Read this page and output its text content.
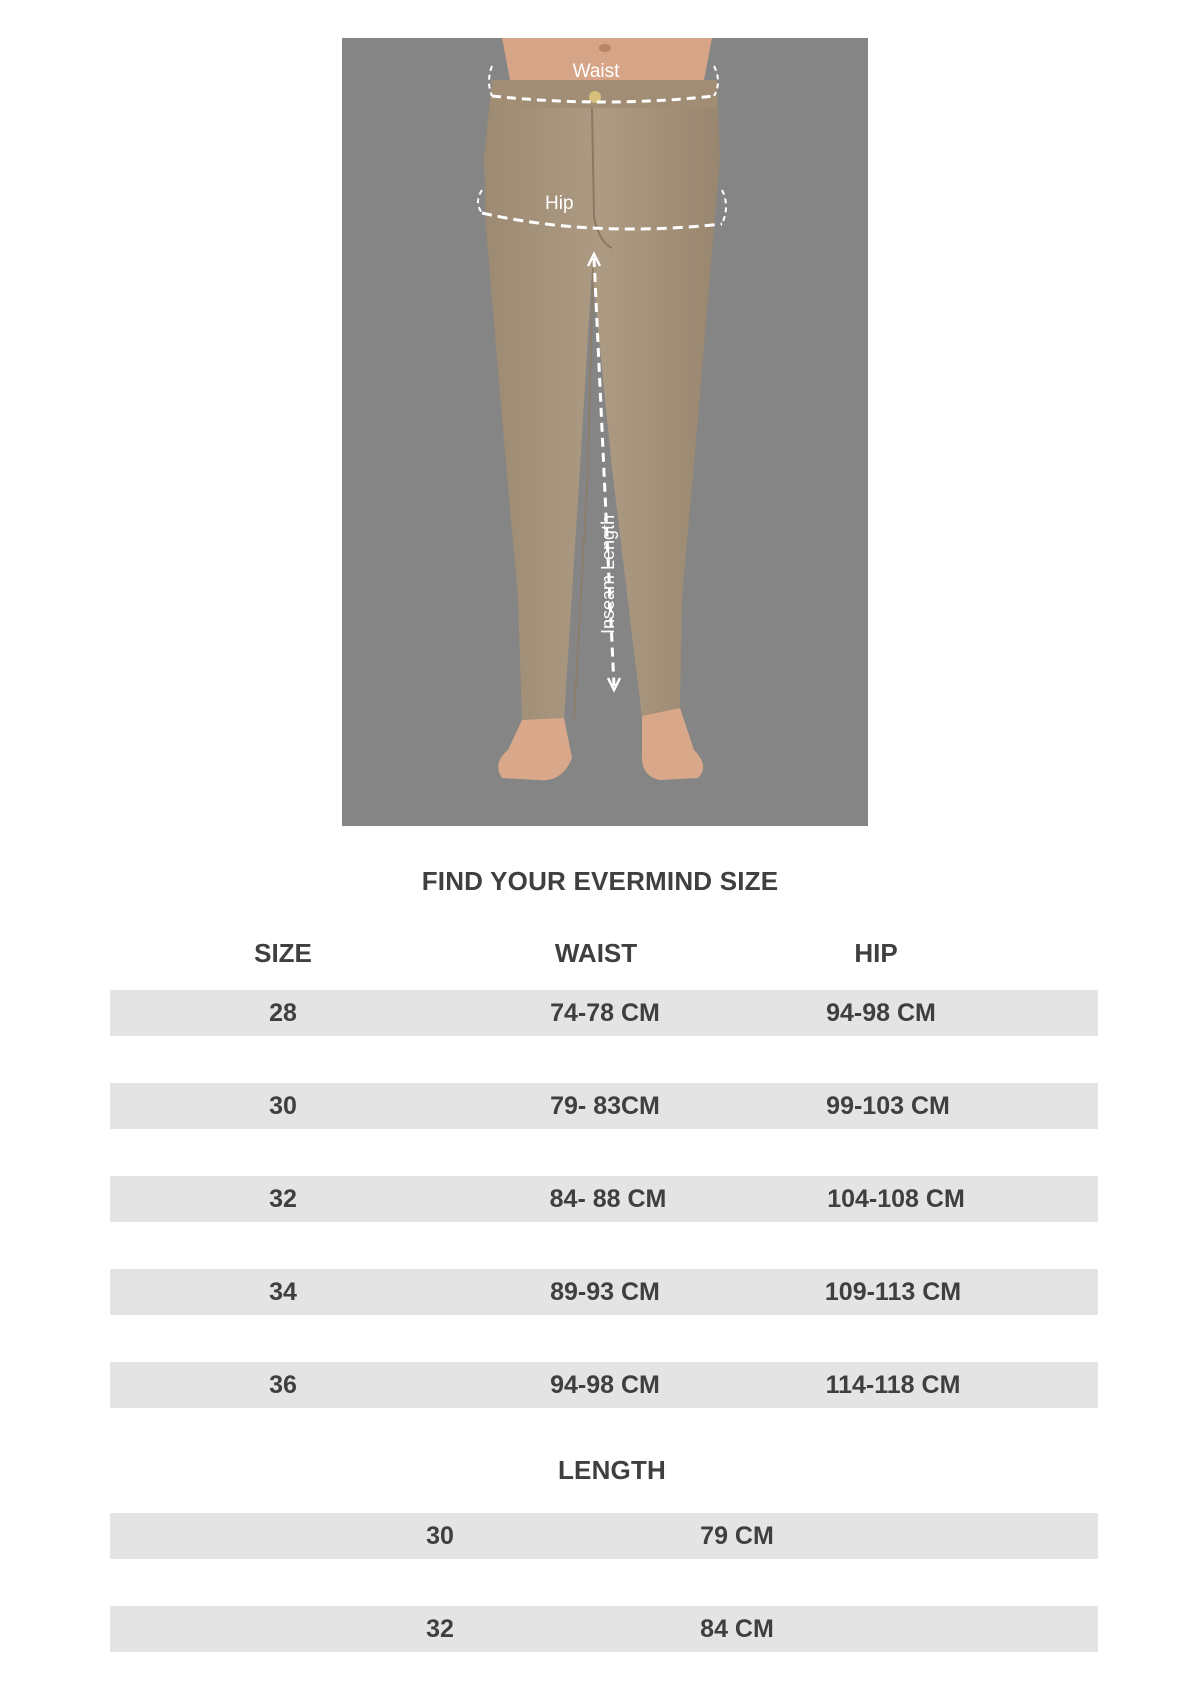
Waist
Hip
Inseam Length
FIND YOUR EVERMIND SIZE
SIZE	WAIST	HIP
28	74-78 CM	94-98 CM
30	79- 83CM	99-103 CM
32	84- 88 CM	104-108 CM
34	89-93 CM	109-113 CM
36	94-98 CM	114-118 CM
LENGTH
30	79 CM
32	84 CM
